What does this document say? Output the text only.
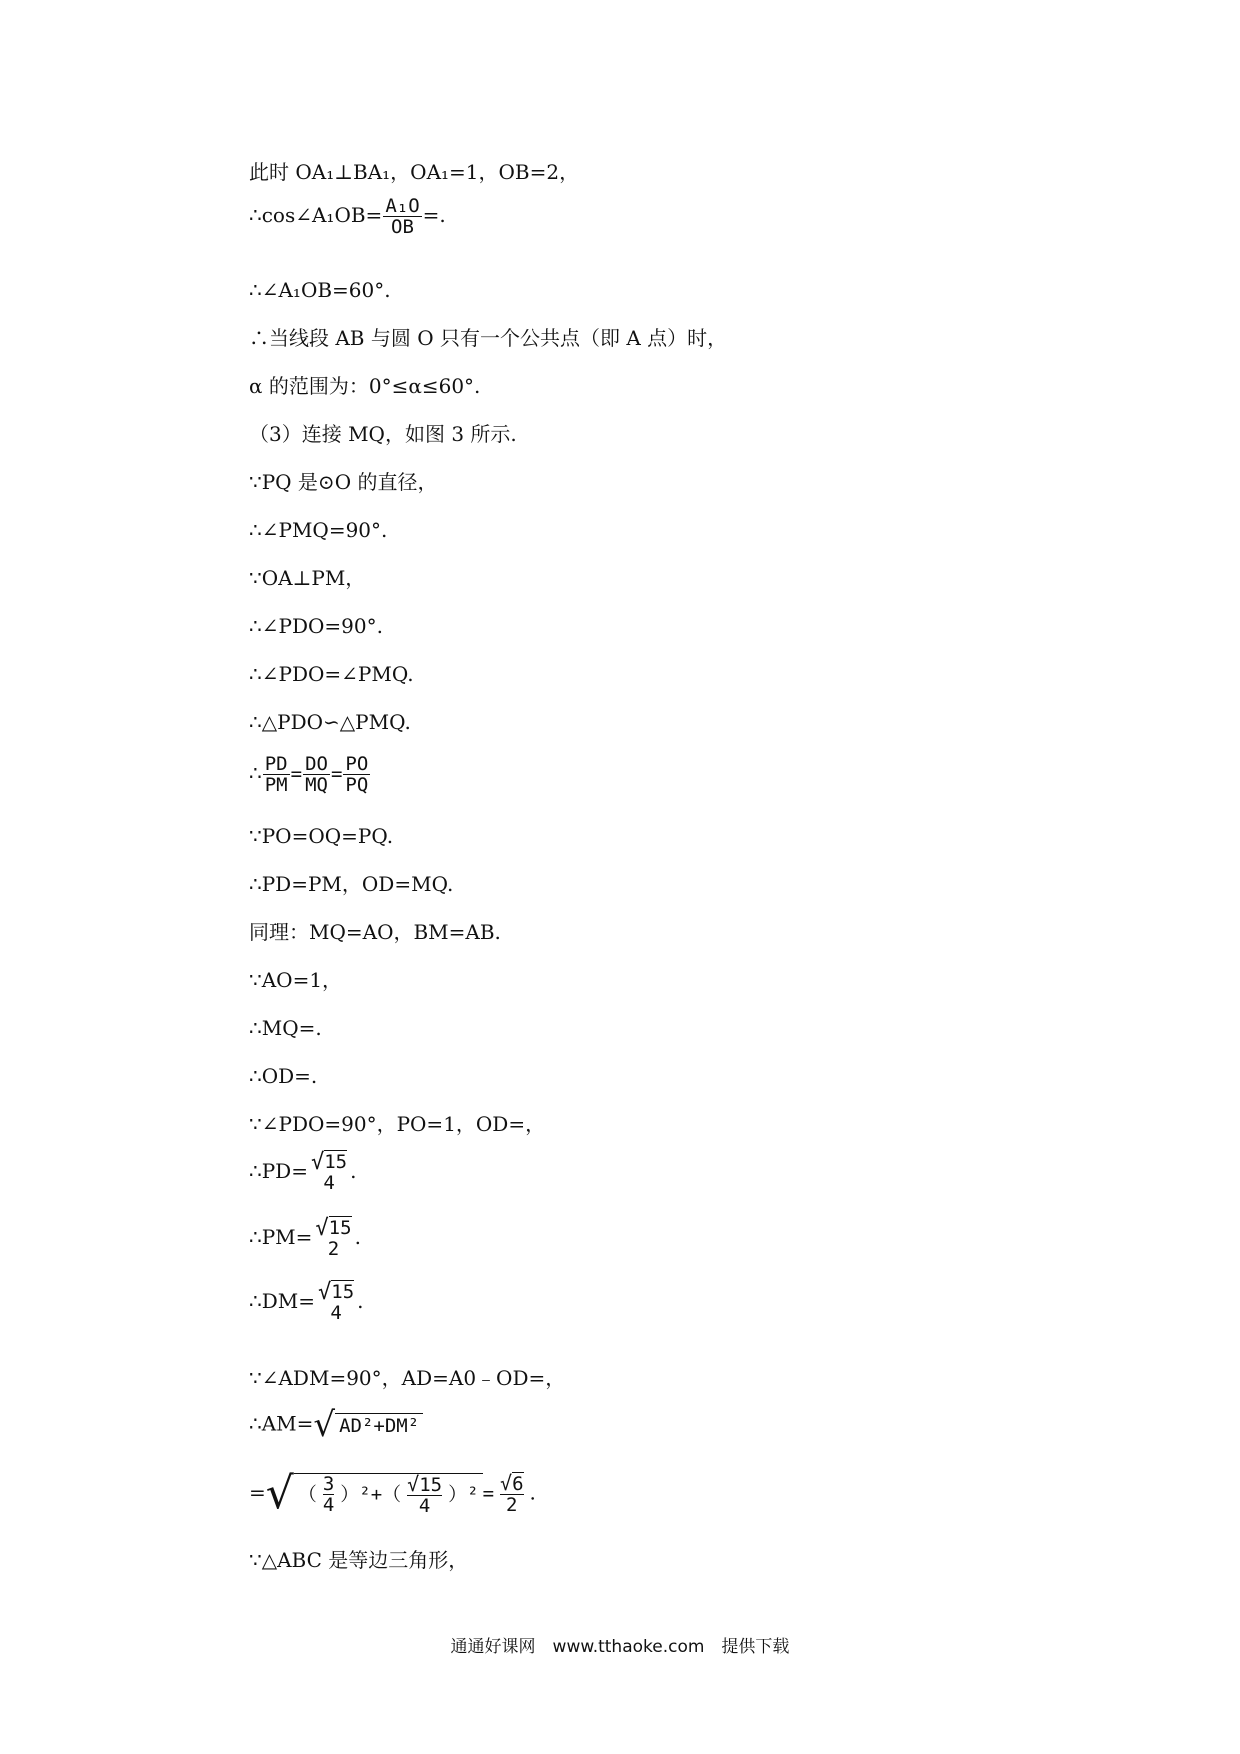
此时 OA₁⊥BA₁，OA₁=1，OB=2，
∴cos∠A₁OB= $\frac{\text{A₁O}}{OB}$ =.
∴∠A₁OB=60°.
∴当线段 AB 与圆 O 只有一个公共点（即 A 点）时，
α 的范围为：0°≤α≤60°.
（3）连接 MQ，如图 3 所示.
∵PQ 是⊙O 的直径，
∴∠PMQ=90°.
∵OA⊥PM，
∴∠PDO=90°.
∴∠PDO=∠PMQ.
∴△PDO∽△PMQ.
∴ $\frac{PD}{PM} = \frac{DO}{MQ} = \frac{PO}{PQ}$
∵PO=OQ=PQ.
∴PD=PM，OD=MQ.
同理：MQ=AO，BM=AB.
∵AO=1，
∴MQ=.
∴OD=.
∵∠PDO=90°，PO=1，OD=，
∴PD= √15
4 .
∴PM= √15
2 .
∴DM= √15
4 .
∵∠ADM=90°，AD=A0﹣OD=，
∴AM=√ AD²+DM²
=√ （ $\frac{3}{4} )^2+( \frac{√15}{4} )^2 = \frac{√6}{2}$ .
∵△ABC 是等边三角形，
通通好课网　www.tthaoke.com　提供下载
